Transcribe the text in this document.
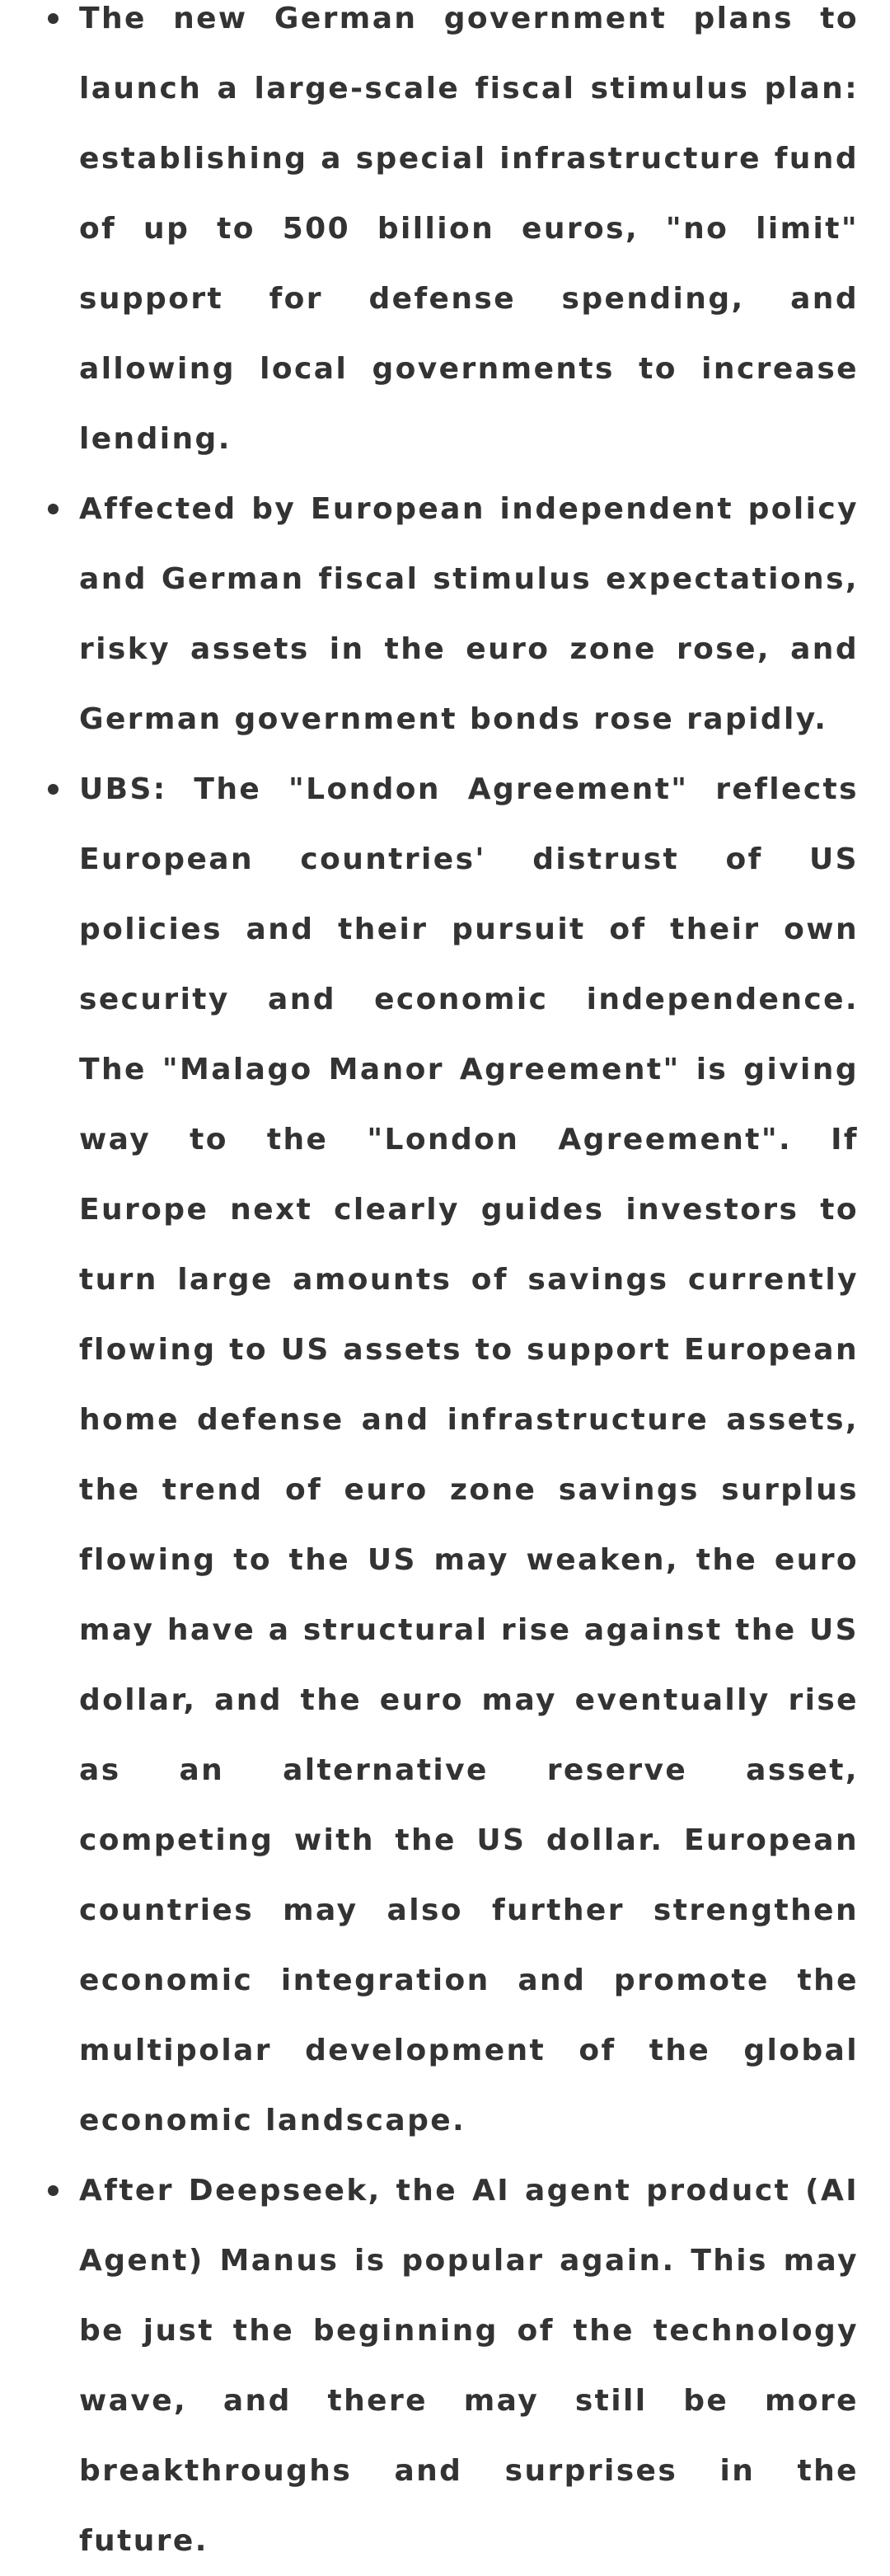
The new German government plans to launch a large-scale fiscal stimulus plan: establishing a special infrastructure fund of up to 500 billion euros, "no limit" support for defense spending, and allowing local governments to increase lending.
Affected by European independent policy and German fiscal stimulus expectations, risky assets in the euro zone rose, and German government bonds rose rapidly.
UBS: The "London Agreement" reflects European countries' distrust of US policies and their pursuit of their own security and economic independence. The "Malago Manor Agreement" is giving way to the "London Agreement". If Europe next clearly guides investors to turn large amounts of savings currently flowing to US assets to support European home defense and infrastructure assets, the trend of euro zone savings surplus flowing to the US may weaken, the euro may have a structural rise against the US dollar, and the euro may eventually rise as an alternative reserve asset, competing with the US dollar. European countries may also further strengthen economic integration and promote the multipolar development of the global economic landscape.
After Deepseek, the AI agent product (AI Agent) Manus is popular again. This may be just the beginning of the technology wave, and there may still be more breakthroughs and surprises in the future.
